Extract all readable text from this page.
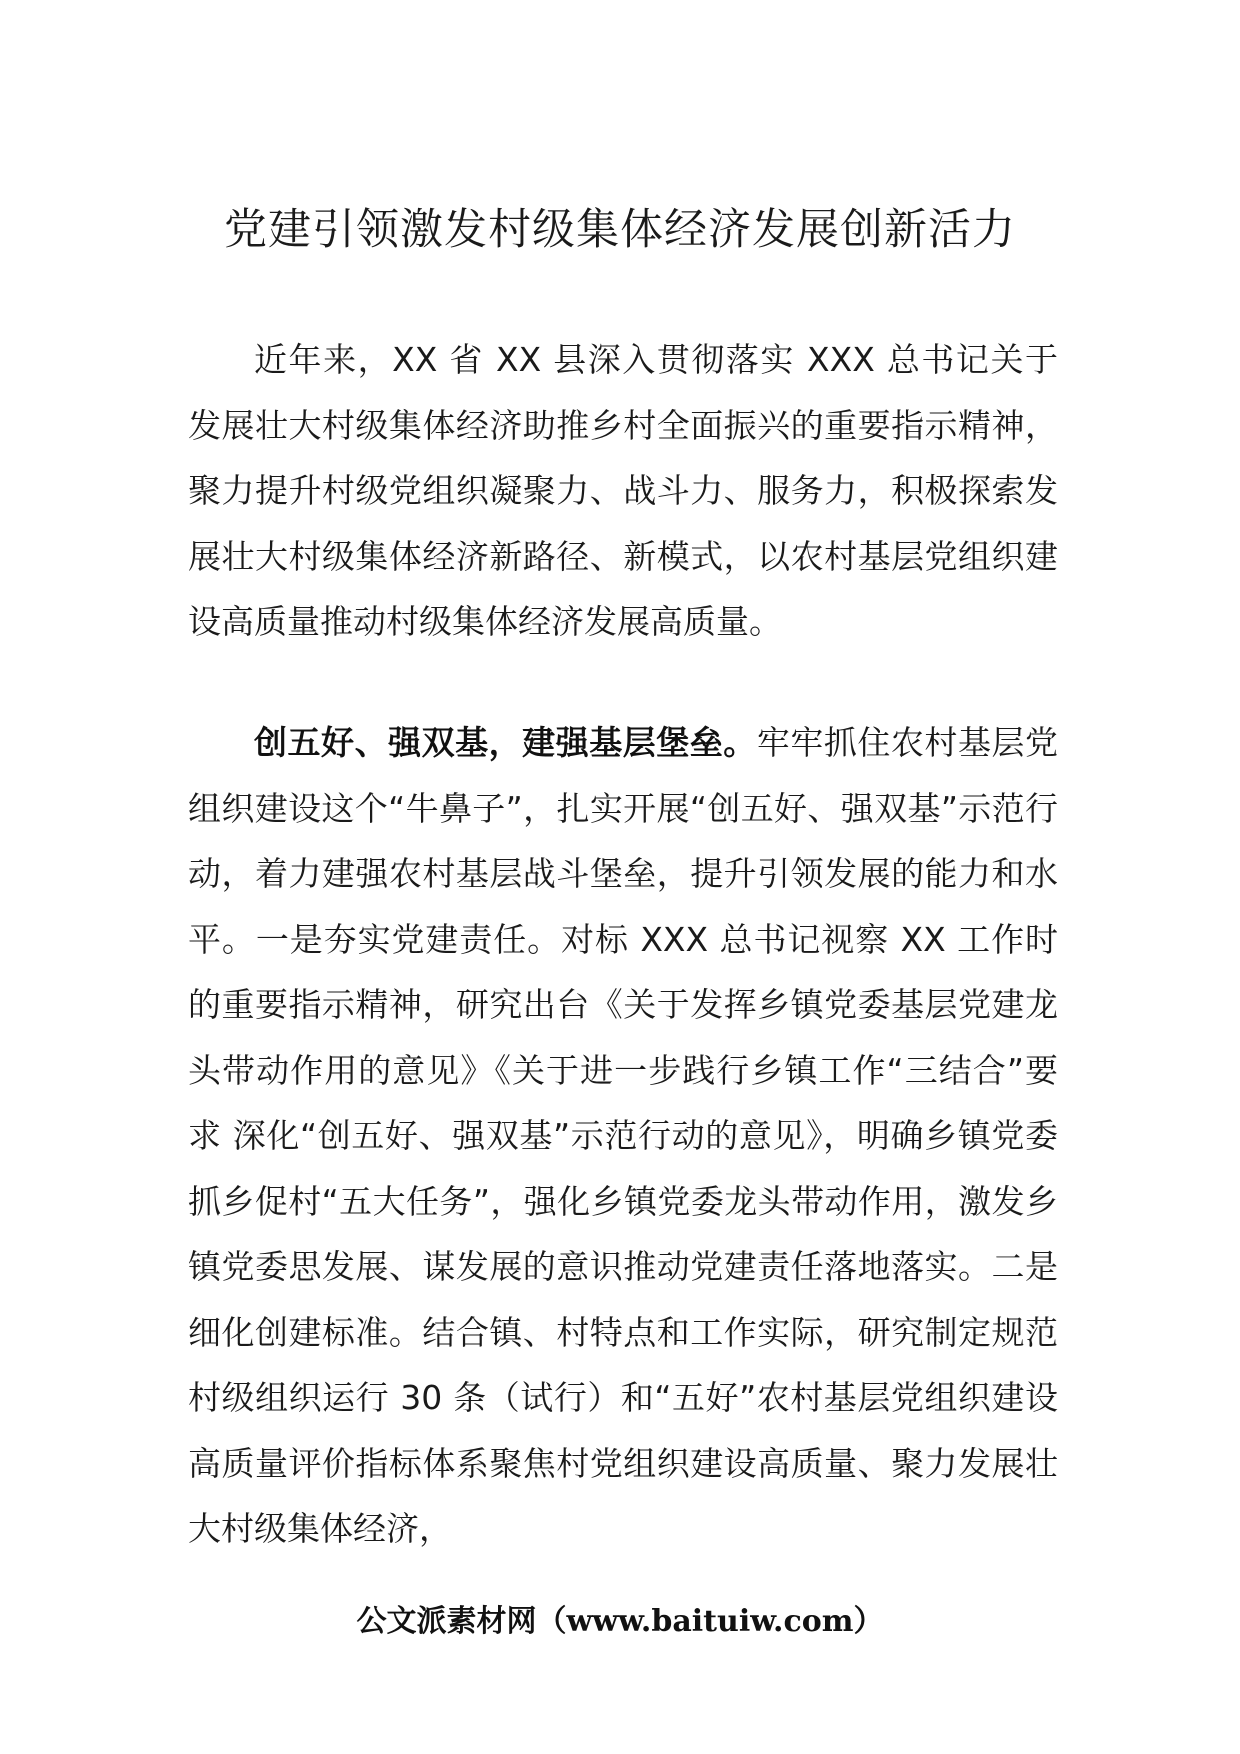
党建引领激发村级集体经济发展创新活力

近年来，XX 省 XX 县深入贯彻落实 XXX 总书记关于发展壮大村级集体经济助推乡村全面振兴的重要指示精神，聚力提升村级党组织凝聚力、战斗力、服务力，积极探索发展壮大村级集体经济新路径、新模式，以农村基层党组织建设高质量推动村级集体经济发展高质量。

创五好、强双基，建强基层堡垒。牢牢抓住农村基层党组织建设这个“牛鼻子”，扎实开展“创五好、强双基”示范行动，着力建强农村基层战斗堡垒，提升引领发展的能力和水平。一是夯实党建责任。对标 XXX 总书记视察 XX 工作时的重要指示精神，研究出台《关于发挥乡镇党委基层党建龙头带动作用的意见》《关于进一步践行乡镇工作“三结合”要求 深化“创五好、强双基”示范行动的意见》，明确乡镇党委抓乡促村“五大任务”，强化乡镇党委龙头带动作用，激发乡镇党委思发展、谋发展的意识推动党建责任落地落实。二是细化创建标准。结合镇、村特点和工作实际，研究制定规范村级组织运行 30 条（试行）和“五好”农村基层党组织建设高质量评价指标体系聚焦村党组织建设高质量、聚力发展壮大村级集体经济，

公文派素材网（www.baituiw.com）
